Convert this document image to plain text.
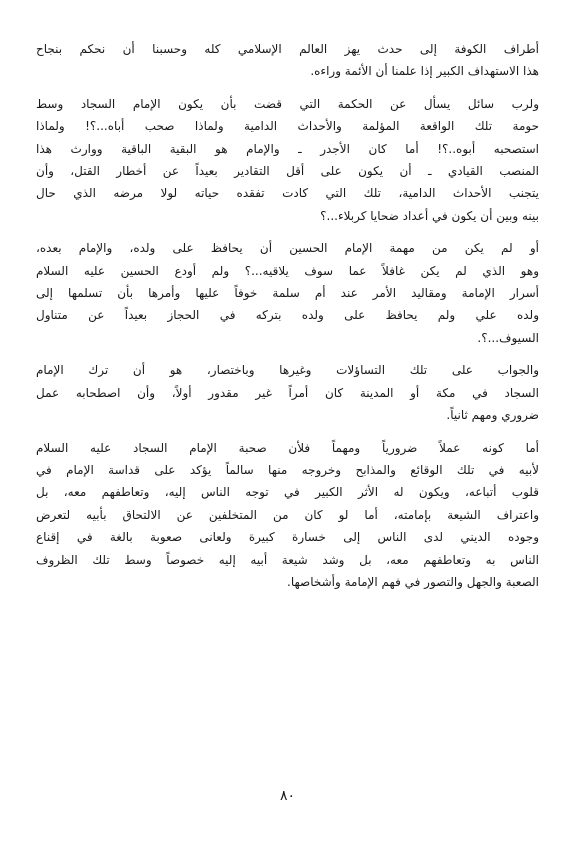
أطراف الكوفة إلى حدث يهز العالم الإسلامي كله وحسبنا أن نحكم بنجاح
هذا الاستهداف الكبير إذا علمنا أن الأئمة وراءه.
ولرب سائل يسأل عن الحكمة التي قضت بأن يكون الإمام السجاد وسط
حومة تلك الواقعة المؤلمة والأحداث الدامية ولماذا صحب أباه...؟! ولماذا
استصحبه أبوه..؟! أما كان الأجدر ـ والإمام هو البقية الباقية ووارث هذا
المنصب القيادي ـ أن يكون على أقل التقادير بعيداً عن أخطار القتل، وأن
يتجنب الأحداث الدامية، تلك التي كادت تفقده حياته لولا مرضه الذي حال
بينه وبين أن يكون في أعداد ضحايا كربلاء...؟
أو لم يكن من مهمة الإمام الحسين أن يحافظ على ولده، والإمام بعده،
وهو الذي لم يكن غافلاً عما سوف يلاقيه...؟ ولم أودع الحسين عليه السلام
أسرار الإمامة ومقاليد الأمر عند أم سلمة خوفاً عليها وأمرها بأن تسلمها إلى
ولده علي ولم يحافظ على ولده بتركه في الحجاز بعيداً عن متناول
السيوف...؟.
والجواب على تلك التساؤلات وغيرها وباختصار، هو أن ترك الإمام
السجاد في مكة أو المدينة كان أمراً غير مقدور أولاً، وأن اصطحابه عمل
ضروري ومهم ثانياً.
أما كونه عملاً ضرورياً ومهماً فلأن صحبة الإمام السجاد عليه السلام
لأبيه في تلك الوقائع والمذابح وخروجه منها سالماً يؤكد على قداسة الإمام في
قلوب أتباعه، ويكون له الأثر الكبير في توجه الناس إليه، وتعاطفهم معه، بل
واعتراف الشيعة بإمامته، أما لو كان من المتخلفين عن الالتحاق بأبيه لتعرض
وجوده الديني لدى الناس إلى خسارة كبيرة ولعانى صعوبة بالغة في إقناع
الناس به وتعاطفهم معه، بل وشد شيعة أبيه إليه خصوصاً وسط تلك الظروف
الصعبة والجهل والتصور في فهم الإمامة وأشخاصها.
٨٠
